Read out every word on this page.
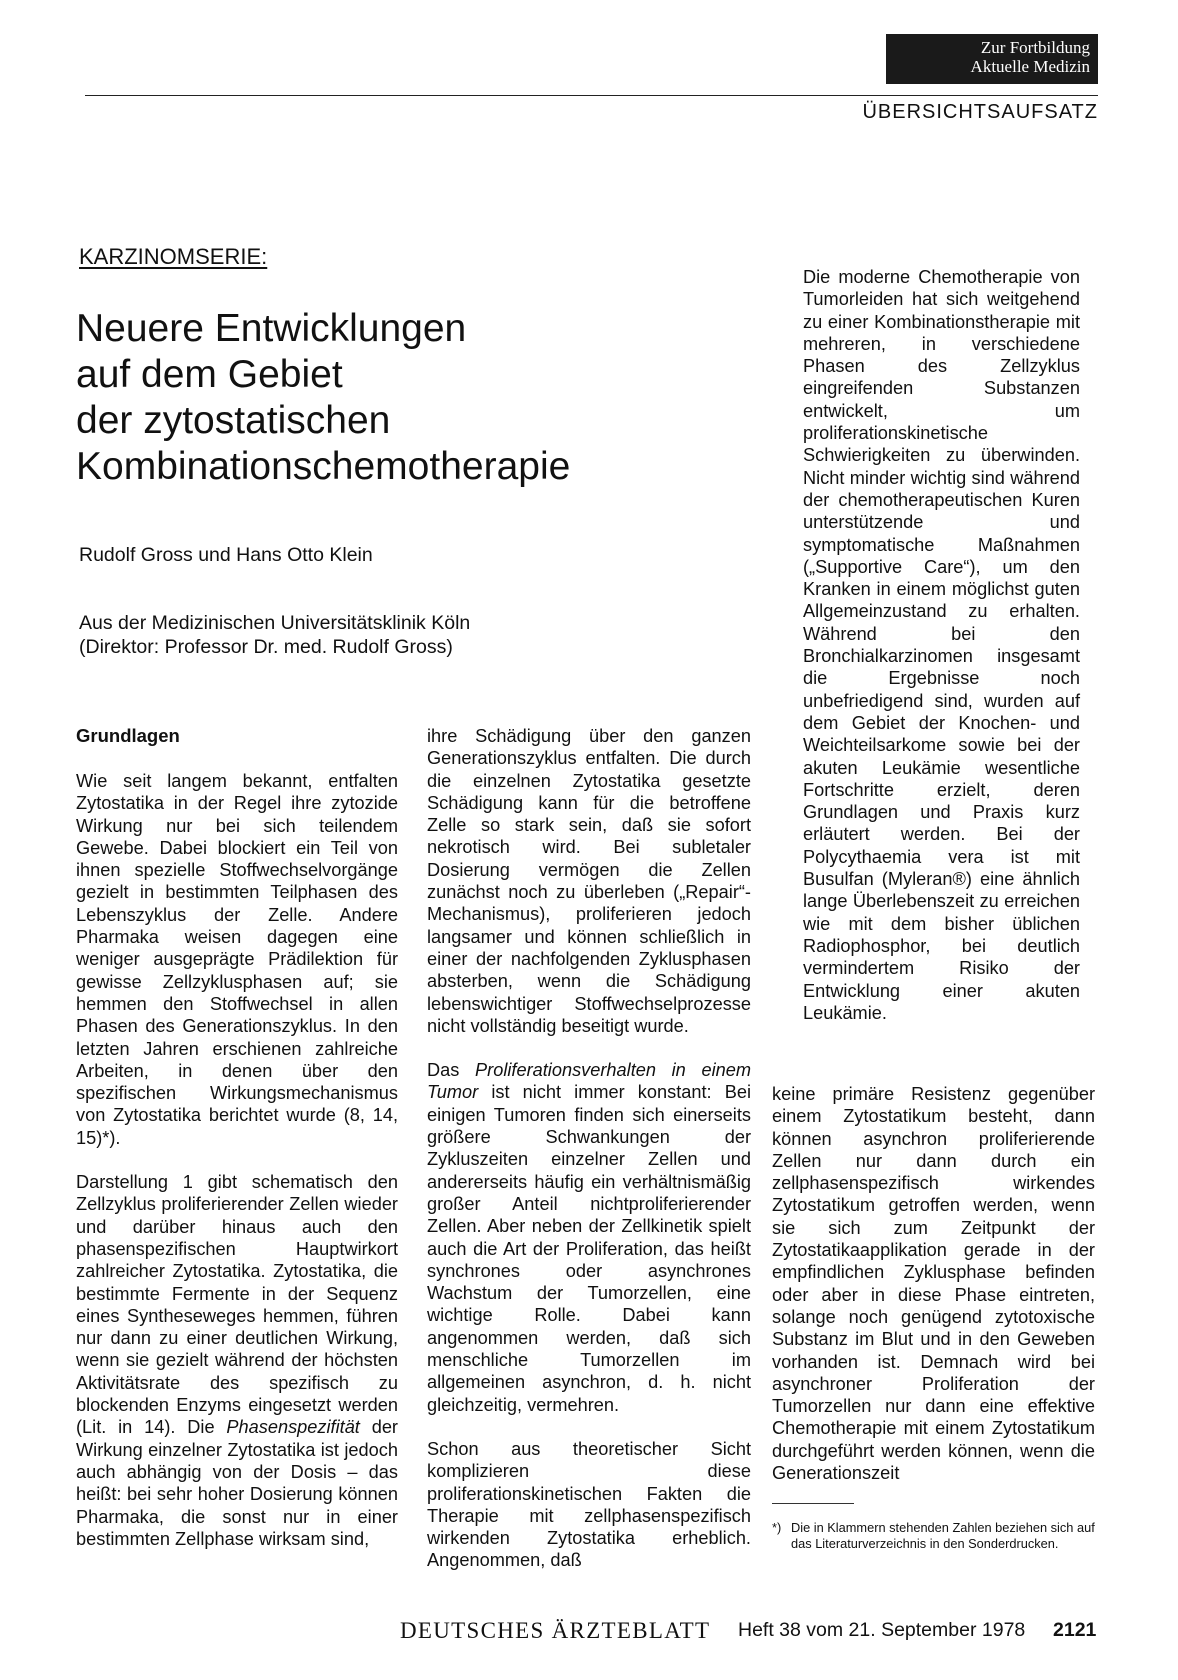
Zur Fortbildung
Aktuelle Medizin
ÜBERSICHTSAUFSATZ
KARZINOMSERIE:
Neuere Entwicklungen
auf dem Gebiet
der zytostatischen
Kombinationschemotherapie
Rudolf Gross und Hans Otto Klein
Aus der Medizinischen Universitätsklinik Köln
(Direktor: Professor Dr. med. Rudolf Gross)

Die moderne Chemotherapie von Tumorleiden hat sich weitgehend zu einer Kombinationstherapie mit mehreren, in verschiedene Phasen des Zellzyklus eingreifenden Substanzen entwickelt, um proliferationskinetische Schwierigkeiten zu überwinden. Nicht minder wichtig sind während der chemotherapeutischen Kuren unterstützende und symptomatische Maßnahmen („Supportive Care“), um den Kranken in einem möglichst guten Allgemeinzustand zu erhalten. Während bei den Bronchialkarzinomen insgesamt die Ergebnisse noch unbefriedigend sind, wurden auf dem Gebiet der Knochen- und Weichteilsarkome sowie bei der akuten Leukämie wesentliche Fortschritte erzielt, deren Grundlagen und Praxis kurz erläutert werden. Bei der Polycythaemia vera ist mit Busulfan (Myleran®) eine ähnlich lange Überlebenszeit zu erreichen wie mit dem bisher üblichen Radiophosphor, bei deutlich vermindertem Risiko der Entwicklung einer akuten Leukämie.

Grundlagen

Wie seit langem bekannt, entfalten Zytostatika in der Regel ihre zytozide Wirkung nur bei sich teilendem Gewebe. Dabei blockiert ein Teil von ihnen spezielle Stoffwechselvorgänge gezielt in bestimmten Teilphasen des Lebenszyklus der Zelle. Andere Pharmaka weisen dagegen eine weniger ausgeprägte Prädilektion für gewisse Zellzyklusphasen auf; sie hemmen den Stoffwechsel in allen Phasen des Generationszyklus. In den letzten Jahren erschienen zahlreiche Arbeiten, in denen über den spezifischen Wirkungsmechanismus von Zytostatika berichtet wurde (8, 14, 15)*).

Darstellung 1 gibt schematisch den Zellzyklus proliferierender Zellen wieder und darüber hinaus auch den phasenspezifischen Hauptwirkort zahlreicher Zytostatika. Zytostatika, die bestimmte Fermente in der Sequenz eines Syntheseweges hemmen, führen nur dann zu einer deutlichen Wirkung, wenn sie gezielt während der höchsten Aktivitätsrate des spezifisch zu blockenden Enzyms eingesetzt werden (Lit. in 14). Die Phasenspezifität der Wirkung einzelner Zytostatika ist jedoch auch abhängig von der Dosis – das heißt: bei sehr hoher Dosierung können Pharmaka, die sonst nur in einer bestimmten Zellphase wirksam sind,

ihre Schädigung über den ganzen Generationszyklus entfalten. Die durch die einzelnen Zytostatika gesetzte Schädigung kann für die betroffene Zelle so stark sein, daß sie sofort nekrotisch wird. Bei subletaler Dosierung vermögen die Zellen zunächst noch zu überleben („Repair“-Mechanismus), proliferieren jedoch langsamer und können schließlich in einer der nachfolgenden Zyklusphasen absterben, wenn die Schädigung lebenswichtiger Stoffwechselprozesse nicht vollständig beseitigt wurde.

Das Proliferationsverhalten in einem Tumor ist nicht immer konstant: Bei einigen Tumoren finden sich einerseits größere Schwankungen der Zykluszeiten einzelner Zellen und andererseits häufig ein verhältnismäßig großer Anteil nichtproliferierender Zellen. Aber neben der Zellkinetik spielt auch die Art der Proliferation, das heißt synchrones oder asynchrones Wachstum der Tumorzellen, eine wichtige Rolle. Dabei kann angenommen werden, daß sich menschliche Tumorzellen im allgemeinen asynchron, d. h. nicht gleichzeitig, vermehren.

Schon aus theoretischer Sicht komplizieren diese proliferationskinetischen Fakten die Therapie mit zellphasenspezifisch wirkenden Zytostatika erheblich. Angenommen, daß

keine primäre Resistenz gegenüber einem Zytostatikum besteht, dann können asynchron proliferierende Zellen nur dann durch ein zellphasenspezifisch wirkendes Zytostatikum getroffen werden, wenn sie sich zum Zeitpunkt der Zytostatikaapplikation gerade in der empfindlichen Zyklusphase befinden oder aber in diese Phase eintreten, solange noch genügend zytotoxische Substanz im Blut und in den Geweben vorhanden ist. Demnach wird bei asynchroner Proliferation der Tumorzellen nur dann eine effektive Chemotherapie mit einem Zytostatikum durchgeführt werden können, wenn die Generationszeit

*) Die in Klammern stehenden Zahlen beziehen sich auf das Literaturverzeichnis in den Sonderdrucken.
DEUTSCHES ÄRZTEBLATT Heft 38 vom 21. September 1978 2121
